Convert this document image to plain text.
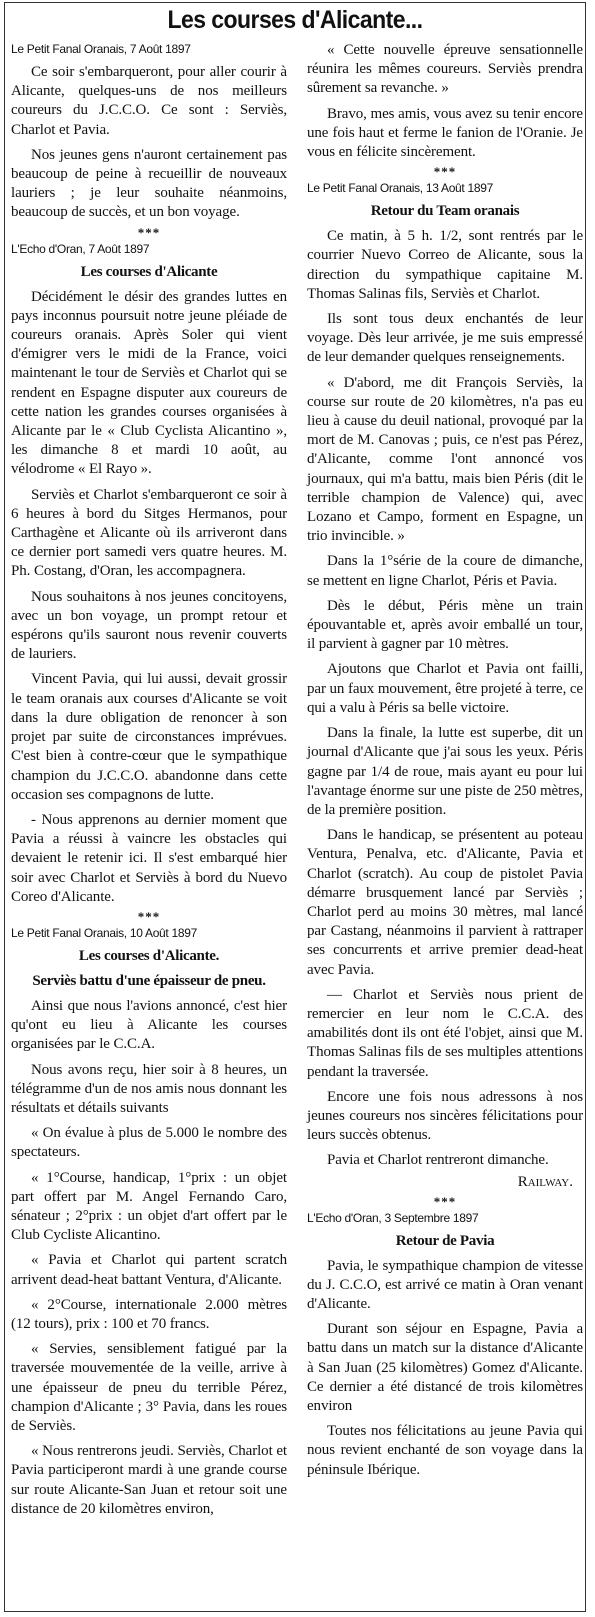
Les courses d'Alicante...
Le Petit Fanal Oranais, 7 Août 1897
Ce soir s'embarqueront, pour aller courir à Alicante, quelques-uns de nos meilleurs coureurs du J.C.C.O. Ce sont : Serviès, Charlot et Pavia.
Nos jeunes gens n'auront certainement pas beaucoup de peine à recueillir de nouveaux lauriers ; je leur souhaite néanmoins, beaucoup de succès, et un bon voyage.
***
L'Echo d'Oran, 7 Août 1897
Les courses d'Alicante
Décidément le désir des grandes luttes en pays inconnus poursuit notre jeune pléiade de coureurs oranais. Après Soler qui vient d'émigrer vers le midi de la France, voici maintenant le tour de Serviès et Charlot qui se rendent en Espagne disputer aux coureurs de cette nation les grandes courses organisées à Alicante par le « Club Cyclista Alicantino », les dimanche 8 et mardi 10 août, au vélodrome « El Rayo ».
Serviès et Charlot s'embarqueront ce soir à 6 heures à bord du Sitges Hermanos, pour Carthagène et Alicante où ils arriveront dans ce dernier port samedi vers quatre heures. M. Ph. Costang, d'Oran, les accompagnera.
Nous souhaitons à nos jeunes concitoyens, avec un bon voyage, un prompt retour et espérons qu'ils sauront nous revenir couverts de lauriers.
Vincent Pavia, qui lui aussi, devait grossir le team oranais aux courses d'Alicante se voit dans la dure obligation de renoncer à son projet par suite de circonstances imprévues. C'est bien à contre-cœur que le sympathique champion du J.C.C.O. abandonne dans cette occasion ses compagnons de lutte.
- Nous apprenons au dernier moment que Pavia a réussi à vaincre les obstacles qui devaient le retenir ici. Il s'est embarqué hier soir avec Charlot et Serviès à bord du Nuevo Coreo d'Alicante.
***
Le Petit Fanal Oranais, 10 Août 1897
Les courses d'Alicante.
Serviès battu d'une épaisseur de pneu.
Ainsi que nous l'avions annoncé, c'est hier qu'ont eu lieu à Alicante les courses organisées par le C.C.A.
Nous avons reçu, hier soir à 8 heures, un télégramme d'un de nos amis nous donnant les résultats et détails suivants
« On évalue à plus de 5.000 le nombre des spectateurs.
« 1°Course, handicap, 1°prix : un objet part offert par M. Angel Fernando Caro, sénateur ; 2°prix : un objet d'art offert par le Club Cycliste Alicantino.
« Pavia et Charlot qui partent scratch arrivent dead-heat battant Ventura, d'Alicante.
« 2°Course, internationale 2.000 mètres (12 tours), prix : 100 et 70 francs.
« Servies, sensiblement fatigué par la traversée mouvementée de la veille, arrive à une épaisseur de pneu du terrible Pérez, champion d'Alicante ; 3° Pavia, dans les roues de Serviès.
« Nous rentrerons jeudi. Serviès, Charlot et Pavia participeront mardi à une grande course sur route Alicante-San Juan et retour soit une distance de 20 kilomètres environ,
« Cette nouvelle épreuve sensationnelle réunira les mêmes coureurs. Serviès prendra sûrement sa revanche. »
Bravo, mes amis, vous avez su tenir encore une fois haut et ferme le fanion de l'Oranie. Je vous en félicite sincèrement.
***
Le Petit Fanal Oranais, 13 Août 1897
Retour du Team oranais
Ce matin, à 5 h. 1/2, sont rentrés par le courrier Nuevo Correo de Alicante, sous la direction du sympathique capitaine M. Thomas Salinas fils, Serviès et Charlot.
Ils sont tous deux enchantés de leur voyage. Dès leur arrivée, je me suis empressé de leur demander quelques renseignements.
« D'abord, me dit François Serviès, la course sur route de 20 kilomètres, n'a pas eu lieu à cause du deuil national, provoqué par la mort de M. Canovas ; puis, ce n'est pas Pérez, d'Alicante, comme l'ont annoncé vos journaux, qui m'a battu, mais bien Péris (dit le terrible champion de Valence) qui, avec Lozano et Campo, forment en Espagne, un trio invincible. »
Dans la 1°série de la coure de dimanche, se mettent en ligne Charlot, Péris et Pavia.
Dès le début, Péris mène un train épouvantable et, après avoir emballé un tour, il parvient à gagner par 10 mètres.
Ajoutons que Charlot et Pavia ont failli, par un faux mouvement, être projeté à terre, ce qui a valu à Péris sa belle victoire.
Dans la finale, la lutte est superbe, dit un journal d'Alicante que j'ai sous les yeux. Péris gagne par 1/4 de roue, mais ayant eu pour lui l'avantage énorme sur une piste de 250 mètres, de la première position.
Dans le handicap, se présentent au poteau Ventura, Penalva, etc. d'Alicante, Pavia et Charlot (scratch). Au coup de pistolet Pavia démarre brusquement lancé par Serviès ; Charlot perd au moins 30 mètres, mal lancé par Castang, néanmoins il parvient à rattraper ses concurrents et arrive premier dead-heat avec Pavia.
— Charlot et Serviès nous prient de remercier en leur nom le C.C.A. des amabilités dont ils ont été l'objet, ainsi que M. Thomas Salinas fils de ses multiples attentions pendant la traversée.
Encore une fois nous adressons à nos jeunes coureurs nos sincères félicitations pour leurs succès obtenus.
Pavia et Charlot rentreront dimanche.
Railway.
***
L'Echo d'Oran, 3 Septembre 1897
Retour de Pavia
Pavia, le sympathique champion de vitesse du J. C.C.O, est arrivé ce matin à Oran venant d'Alicante.
Durant son séjour en Espagne, Pavia a battu dans un match sur la distance d'Alicante à San Juan (25 kilomètres) Gomez d'Alicante. Ce dernier a été distancé de trois kilomètres environ
Toutes nos félicitations au jeune Pavia qui nous revient enchanté de son voyage dans la péninsule Ibérique.
